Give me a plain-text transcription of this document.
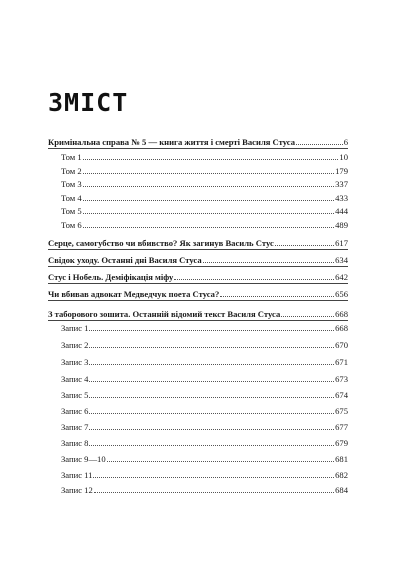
ЗМІСТ
Кримінальна справа № 5 — книга життя і смерті Василя Стуса	6
Том 1	10
Том 2	179
Том 3	337
Том 4	433
Том 5	444
Том 6	489
Серце, самогубство чи вбивство? Як загинув Василь Стус	617
Свідок уходу. Останні дні Василя Стуса	634
Стус і Нобель. Деміфікація міфу	642
Чи вбивав адвокат Медведчук поета Стуса?	656
З таборового зошита. Останній відомий текст Василя Стуса	668
Запис 1	668
Запис 2	670
Запис 3	671
Запис 4	673
Запис 5	674
Запис 6	675
Запис 7	677
Запис 8	679
Запис 9—10	681
Запис 11	682
Запис 12	684
